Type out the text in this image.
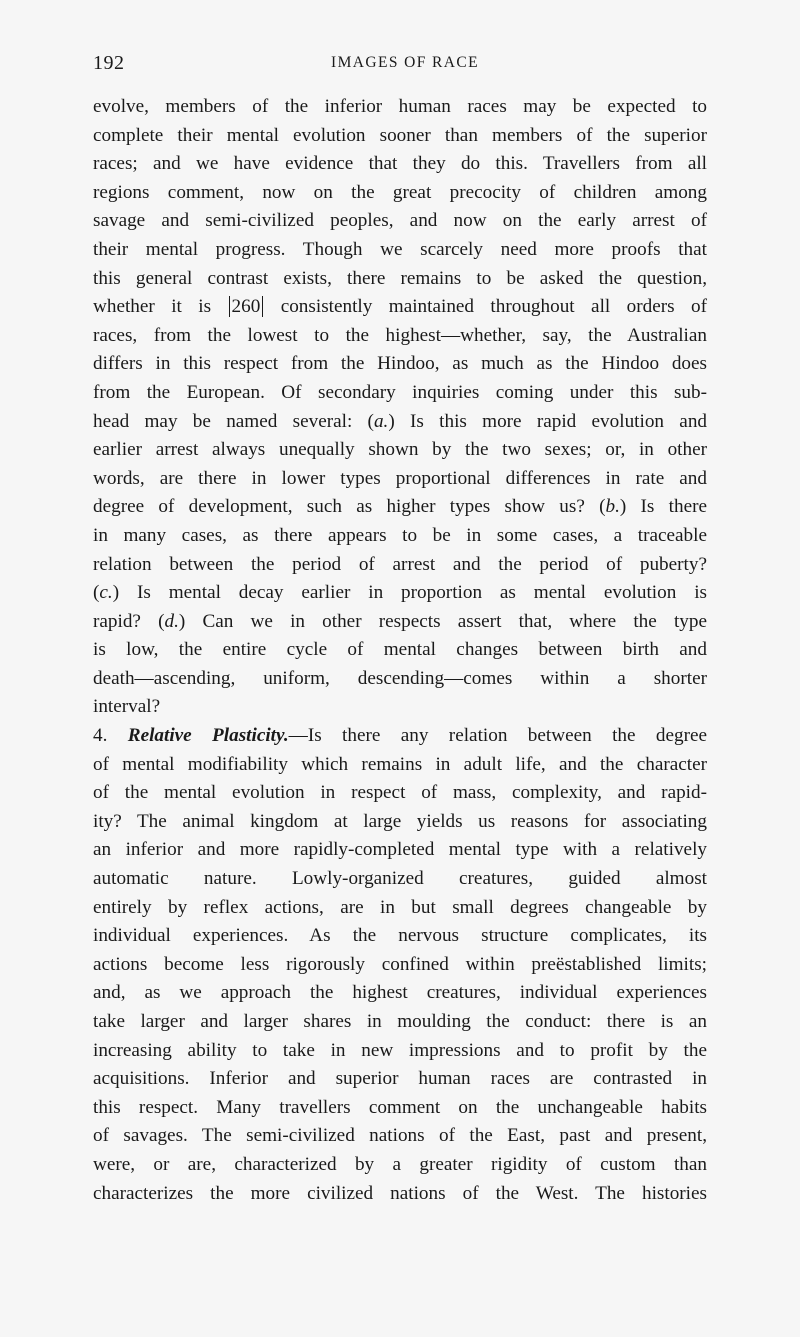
192	IMAGES OF RACE
evolve, members of the inferior human races may be expected to
complete their mental evolution sooner than members of the superior
races; and we have evidence that they do this. Travellers from all
regions comment, now on the great precocity of children among
savage and semi-civilized peoples, and now on the early arrest of
their mental progress. Though we scarcely need more proofs that
this general contrast exists, there remains to be asked the question,
whether it is 260 consistently maintained throughout all orders of
races, from the lowest to the highest—whether, say, the Australian
differs in this respect from the Hindoo, as much as the Hindoo does
from the European. Of secondary inquiries coming under this sub-
head may be named several: (a.) Is this more rapid evolution and
earlier arrest always unequally shown by the two sexes; or, in other
words, are there in lower types proportional differences in rate and
degree of development, such as higher types show us? (b.) Is there
in many cases, as there appears to be in some cases, a traceable
relation between the period of arrest and the period of puberty?
(c.) Is mental decay earlier in proportion as mental evolution is
rapid? (d.) Can we in other respects assert that, where the type
is low, the entire cycle of mental changes between birth and
death—ascending, uniform, descending—comes within a shorter
interval?
4. Relative Plasticity.—Is there any relation between the degree
of mental modifiability which remains in adult life, and the character
of the mental evolution in respect of mass, complexity, and rapid-
ity? The animal kingdom at large yields us reasons for associating
an inferior and more rapidly-completed mental type with a relatively
automatic nature. Lowly-organized creatures, guided almost
entirely by reflex actions, are in but small degrees changeable by
individual experiences. As the nervous structure complicates, its
actions become less rigorously confined within preëstablished limits;
and, as we approach the highest creatures, individual experiences
take larger and larger shares in moulding the conduct: there is an
increasing ability to take in new impressions and to profit by the
acquisitions. Inferior and superior human races are contrasted in
this respect. Many travellers comment on the unchangeable habits
of savages. The semi-civilized nations of the East, past and present,
were, or are, characterized by a greater rigidity of custom than
characterizes the more civilized nations of the West. The histories
